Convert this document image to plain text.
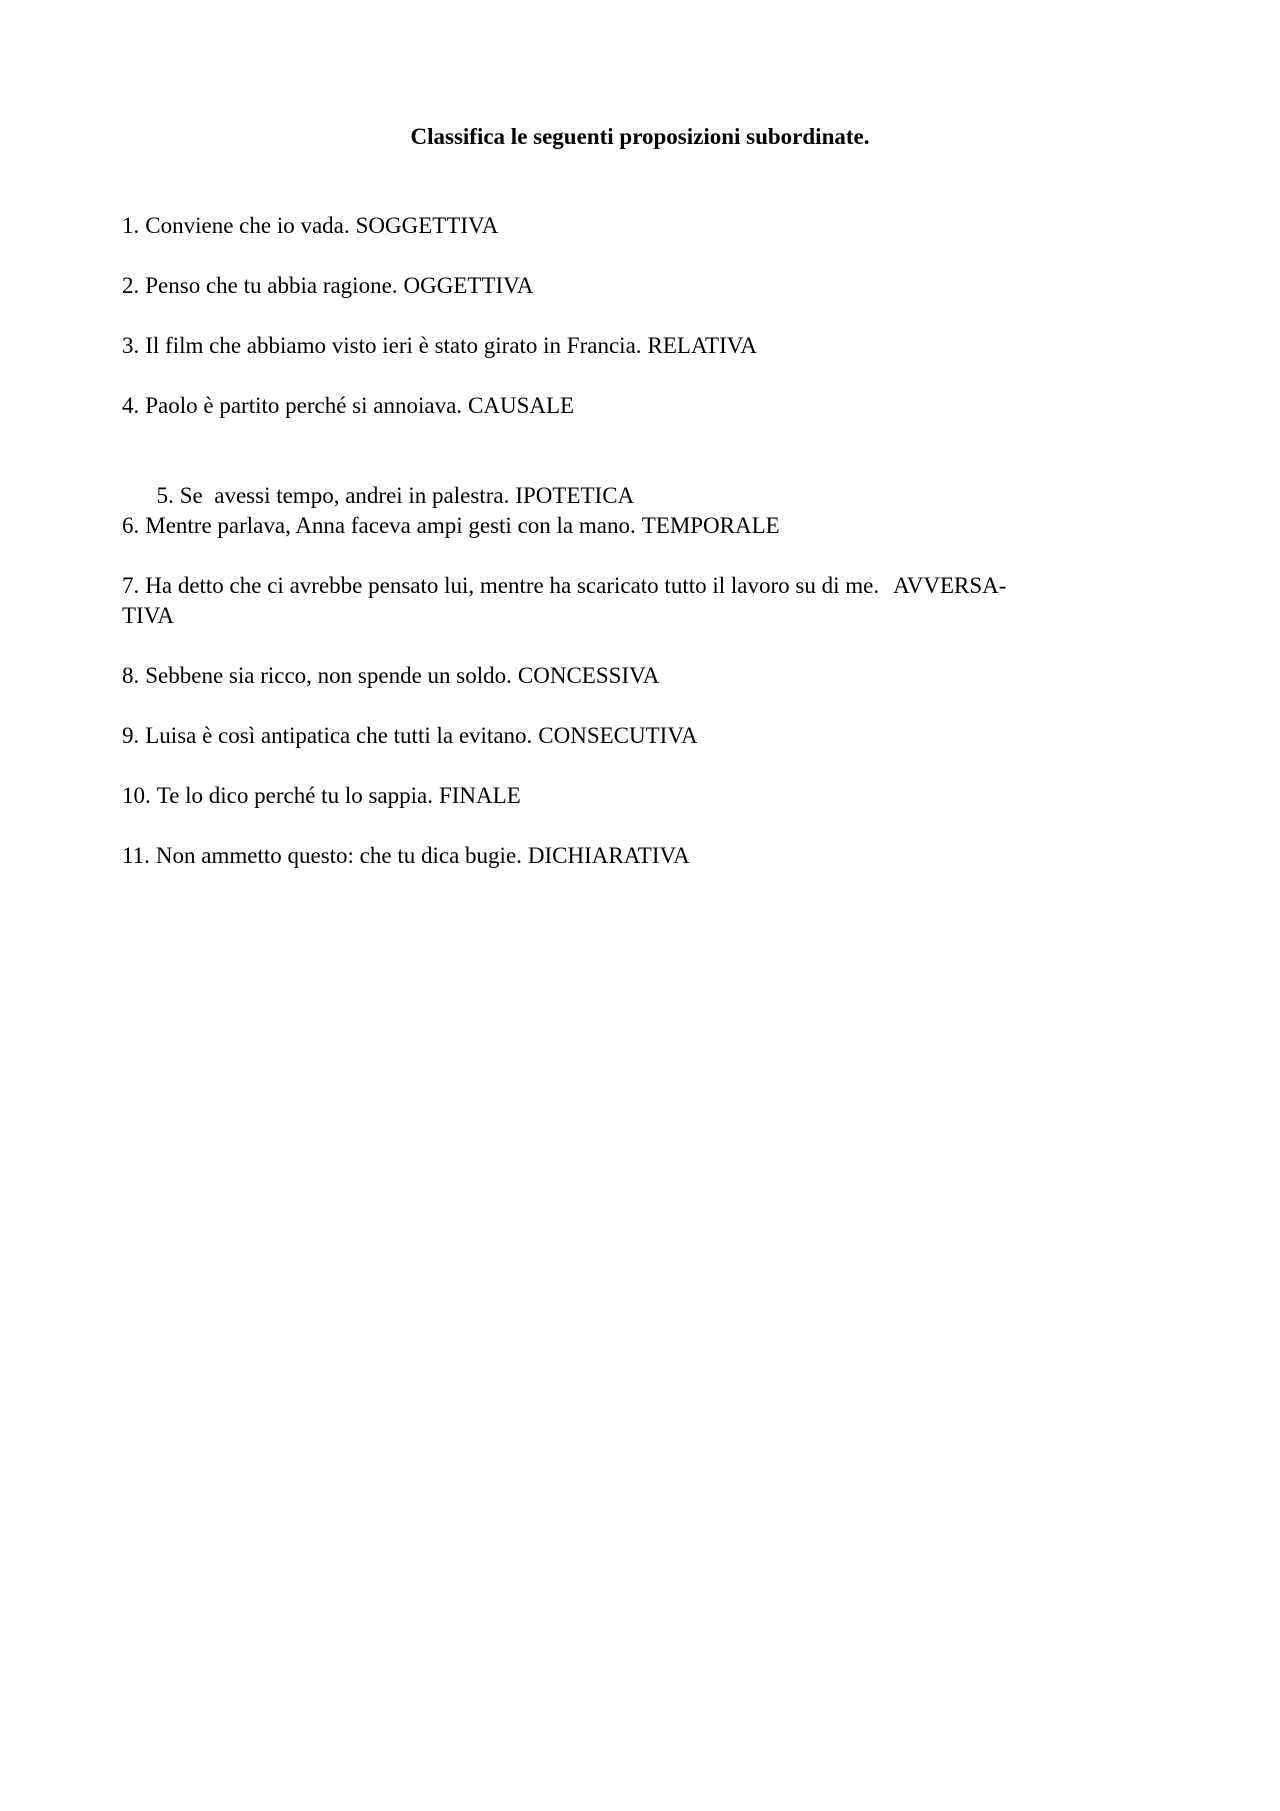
Classifica le seguenti proposizioni subordinate.
1. Conviene che io vada. SOGGETTIVA
2. Penso che tu abbia ragione. OGGETTIVA
3. Il film che abbiamo visto ieri è stato girato in Francia. RELATIVA
4. Paolo è partito perché si annoiava. CAUSALE

5. Se  avessi tempo, andrei in palestra. IPOTETICA

6. Mentre parlava, Anna faceva ampi gesti con la mano. TEMPORALE
7. Ha detto che ci avrebbe pensato lui, mentre ha scaricato tutto il lavoro su di me. AVVERSA-
TIVA
8. Sebbene sia ricco, non spende un soldo. CONCESSIVA
9. Luisa è così antipatica che tutti la evitano. CONSECUTIVA
10. Te lo dico perché tu lo sappia. FINALE
11. Non ammetto questo: che tu dica bugie. DICHIARATIVA
